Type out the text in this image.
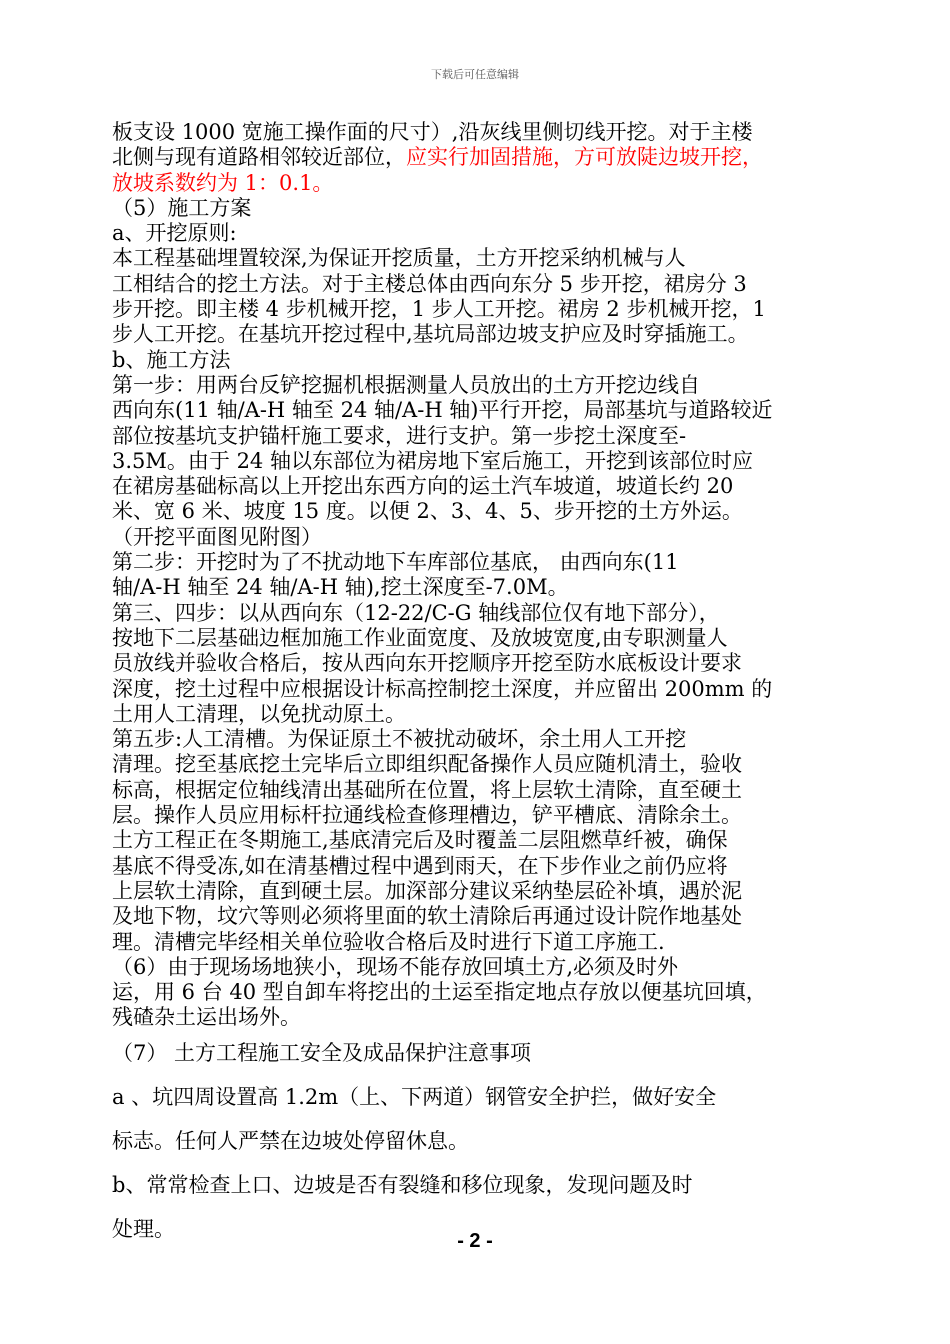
下载后可任意编辑
板支设 1000 宽施工操作面的尺寸）,沿灰线里侧切线开挖。对于主楼
北侧与现有道路相邻较近部位，应实行加固措施，方可放陡边坡开挖，
放坡系数约为 1：0.1。
（5）施工方案
a、开挖原则:
本工程基础埋置较深,为保证开挖质量，土方开挖采纳机械与人
工相结合的挖土方法。对于主楼总体由西向东分 5 步开挖，裙房分 3
步开挖。即主楼 4 步机械开挖，1 步人工开挖。裙房 2 步机械开挖，1
步人工开挖。在基坑开挖过程中,基坑局部边坡支护应及时穿插施工。
b、施工方法
第一步：用两台反铲挖掘机根据测量人员放出的土方开挖边线自
西向东(11 轴/A-H 轴至 24 轴/A-H 轴)平行开挖，局部基坑与道路较近
部位按基坑支护锚杆施工要求，进行支护。第一步挖土深度至-
3.5M。由于 24 轴以东部位为裙房地下室后施工，开挖到该部位时应
在裙房基础标高以上开挖出东西方向的运土汽车坡道，坡道长约 20
米、宽 6 米、坡度 15 度。以便 2、3、4、5、步开挖的土方外运。
（开挖平面图见附图）
第二步：开挖时为了不扰动地下车库部位基底， 由西向东(11
轴/A-H 轴至 24 轴/A-H 轴),挖土深度至-7.0M。
第三、四步：以从西向东（12-22/C-G 轴线部位仅有地下部分），
按地下二层基础边框加施工作业面宽度、及放坡宽度,由专职测量人
员放线并验收合格后，按从西向东开挖顺序开挖至防水底板设计要求
深度，挖土过程中应根据设计标高控制挖土深度，并应留出 200mm 的
土用人工清理，以免扰动原土。
第五步:人工清槽。为保证原土不被扰动破坏，余土用人工开挖
清理。挖至基底挖土完毕后立即组织配备操作人员应随机清土，验收
标高，根据定位轴线清出基础所在位置，将上层软土清除，直至硬土
层。操作人员应用标杆拉通线检查修理槽边，铲平槽底、清除余土。
土方工程正在冬期施工,基底清完后及时覆盖二层阻燃草纤被，确保
基底不得受冻,如在清基槽过程中遇到雨天，在下步作业之前仍应将
上层软土清除，直到硬土层。加深部分建议采纳垫层砼补填，遇於泥
及地下物，坟穴等则必须将里面的软土清除后再通过设计院作地基处
理。清槽完毕经相关单位验收合格后及时进行下道工序施工.
（6）由于现场场地狭小，现场不能存放回填土方,必须及时外
运，用 6 台 40 型自卸车将挖出的土运至指定地点存放以便基坑回填，
残碴杂土运出场外。
（7） 土方工程施工安全及成品保护注意事项
a 、坑四周设置高 1.2m（上、下两道）钢管安全护拦，做好安全
标志。任何人严禁在边坡处停留休息。
b、常常检查上口、边坡是否有裂缝和移位现象，发现问题及时
处理。
- 2 -
